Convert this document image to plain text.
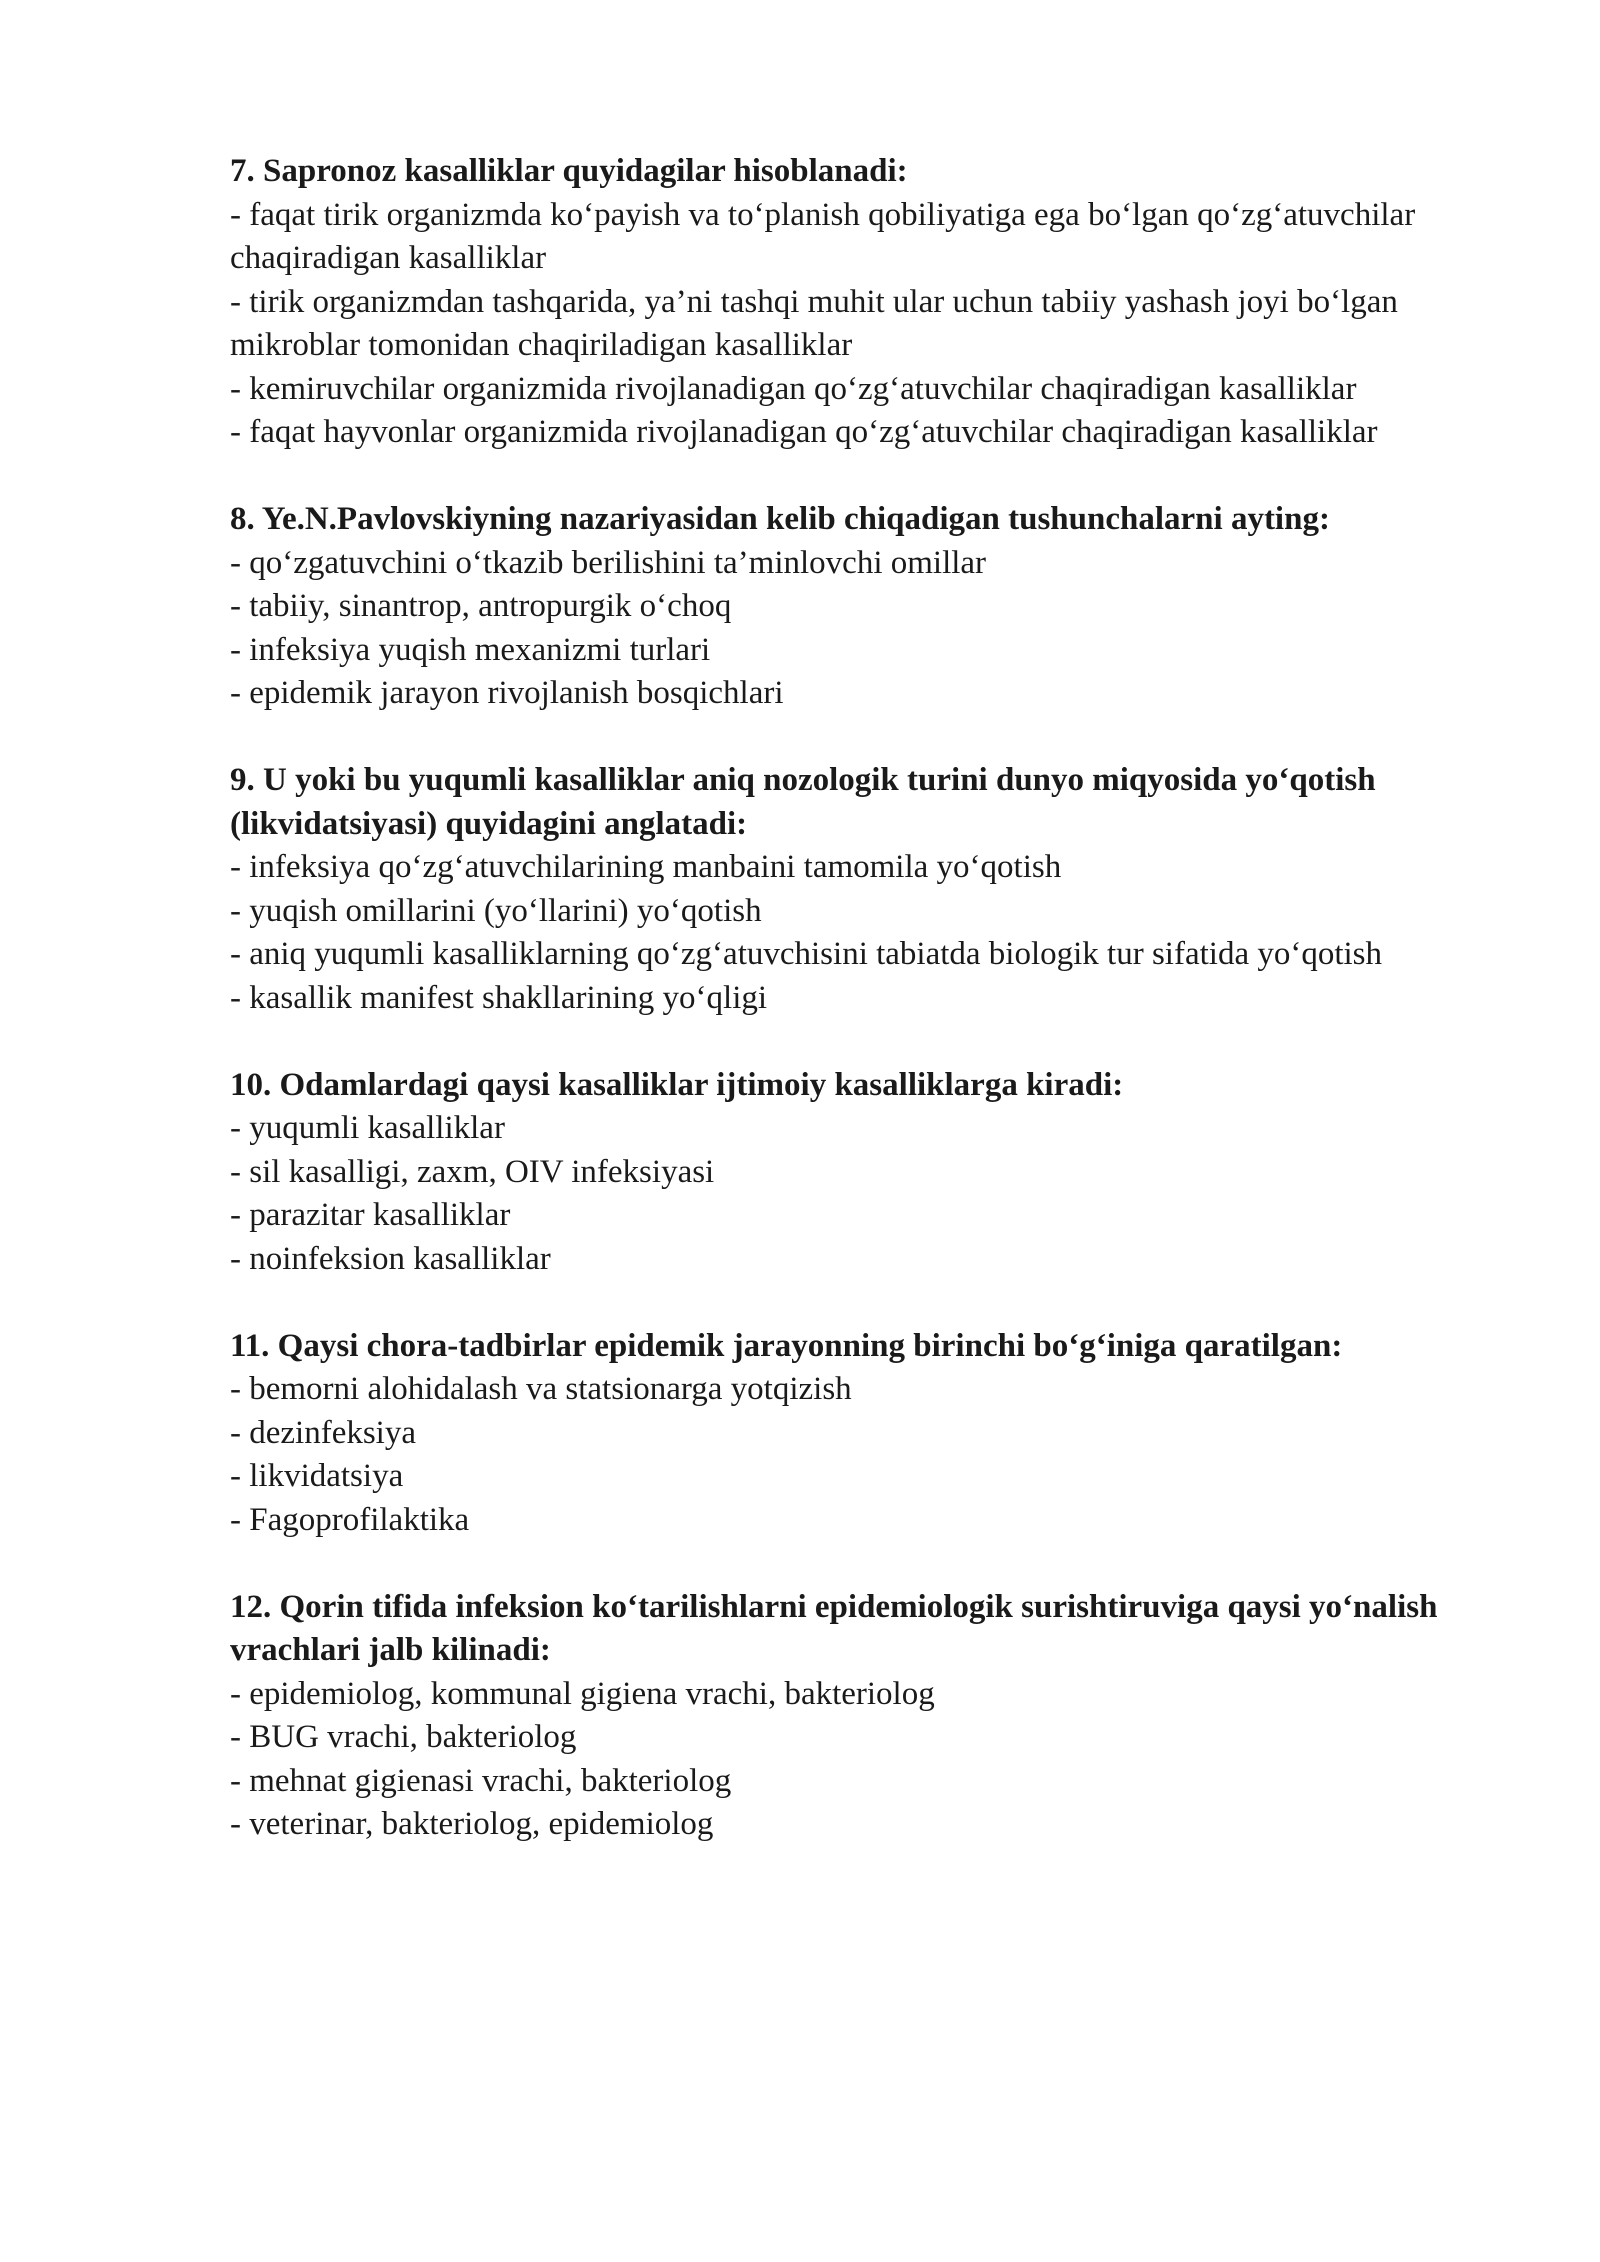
7. Sapronoz kasalliklar quyidagilar hisoblanadi:

- faqat tirik organizmda ko‘payish va to‘planish qobiliyatiga ega bo‘lgan qo‘zg‘atuvchilar chaqiradigan kasalliklar
- tirik organizmdan tashqarida, ya’ni tashqi muhit ular uchun tabiiy yashash joyi bo‘lgan mikroblar tomonidan chaqiriladigan kasalliklar
- kemiruvchilar organizmida rivojlanadigan qo‘zg‘atuvchilar chaqiradigan kasalliklar
- faqat hayvonlar organizmida rivojlanadigan qo‘zg‘atuvchilar chaqiradigan kasalliklar

8. Ye.N.Pavlovskiyning nazariyasidan kelib chiqadigan tushunchalarni ayting:

- qo‘zgatuvchini o‘tkazib berilishini ta’minlovchi omillar
- tabiiy, sinantrop, antropurgik o‘choq
- infeksiya yuqish mexanizmi turlari
- epidemik jarayon rivojlanish bosqichlari

9. U yoki bu yuqumli kasalliklar aniq nozologik turini dunyo miqyosida yo‘qotish (likvidatsiyasi) quyidagini anglatadi:

- infeksiya qo‘zg‘atuvchilarining manbaini tamomila yo‘qotish
- yuqish omillarini (yo‘llarini) yo‘qotish
- aniq yuqumli kasalliklarning qo‘zg‘atuvchisini tabiatda biologik tur sifatida yo‘qotish
- kasallik manifest shakllarining yo‘qligi

10. Odamlardagi qaysi kasalliklar ijtimoiy kasalliklarga kiradi:

- yuqumli kasalliklar
- sil kasalligi, zaxm, OIV infeksiyasi
- parazitar kasalliklar
- noinfeksion kasalliklar

11. Qaysi chora-tadbirlar epidemik jarayonning birinchi bo‘g‘iniga qaratilgan:

- bemorni alohidalash va statsionarga yotqizish
- dezinfeksiya
- likvidatsiya
- Fagoprofilaktika

12. Qorin tifida infeksion ko‘tarilishlarni epidemiologik surishtiruviga qaysi yo‘nalish vrachlari jalb kilinadi:

- epidemiolog, kommunal gigiena vrachi, bakteriolog
- BUG vrachi, bakteriolog
- mehnat gigienasi vrachi, bakteriolog
- veterinar, bakteriolog, epidemiolog
